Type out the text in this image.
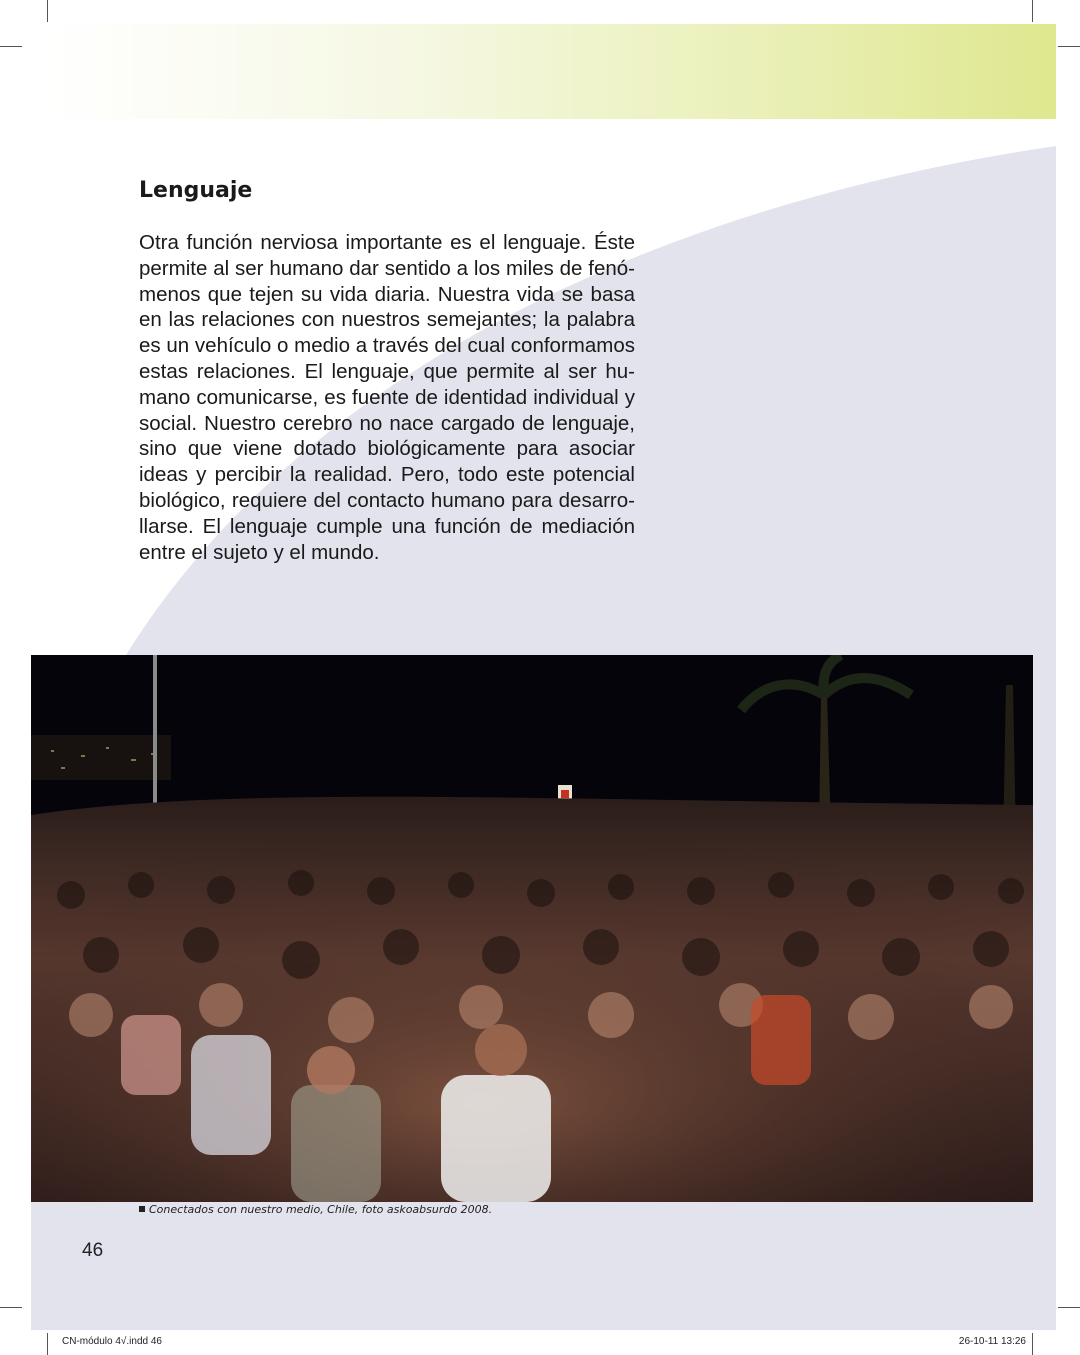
Lenguaje

Otra función nerviosa importante es el lenguaje. Éste permite al ser humano dar sentido a los miles de fenómenos que tejen su vida diaria. Nuestra vida se basa en las relaciones con nuestros semejantes; la palabra es un vehículo o medio a través del cual conformamos estas relaciones. El lenguaje, que permite al ser humano comunicarse, es fuente de identidad individual y social. Nuestro cerebro no nace cargado de lenguaje, sino que viene dotado biológicamente para asociar ideas y percibir la realidad. Pero, todo este potencial biológico, requiere del contacto humano para desarrollarse. El lenguaje cumple una función de mediación entre el sujeto y el mundo.

Conectados con nuestro medio, Chile, foto askoabsurdo 2008.
46
CN-módulo 4√.indd 46	26-10-11 13:26
